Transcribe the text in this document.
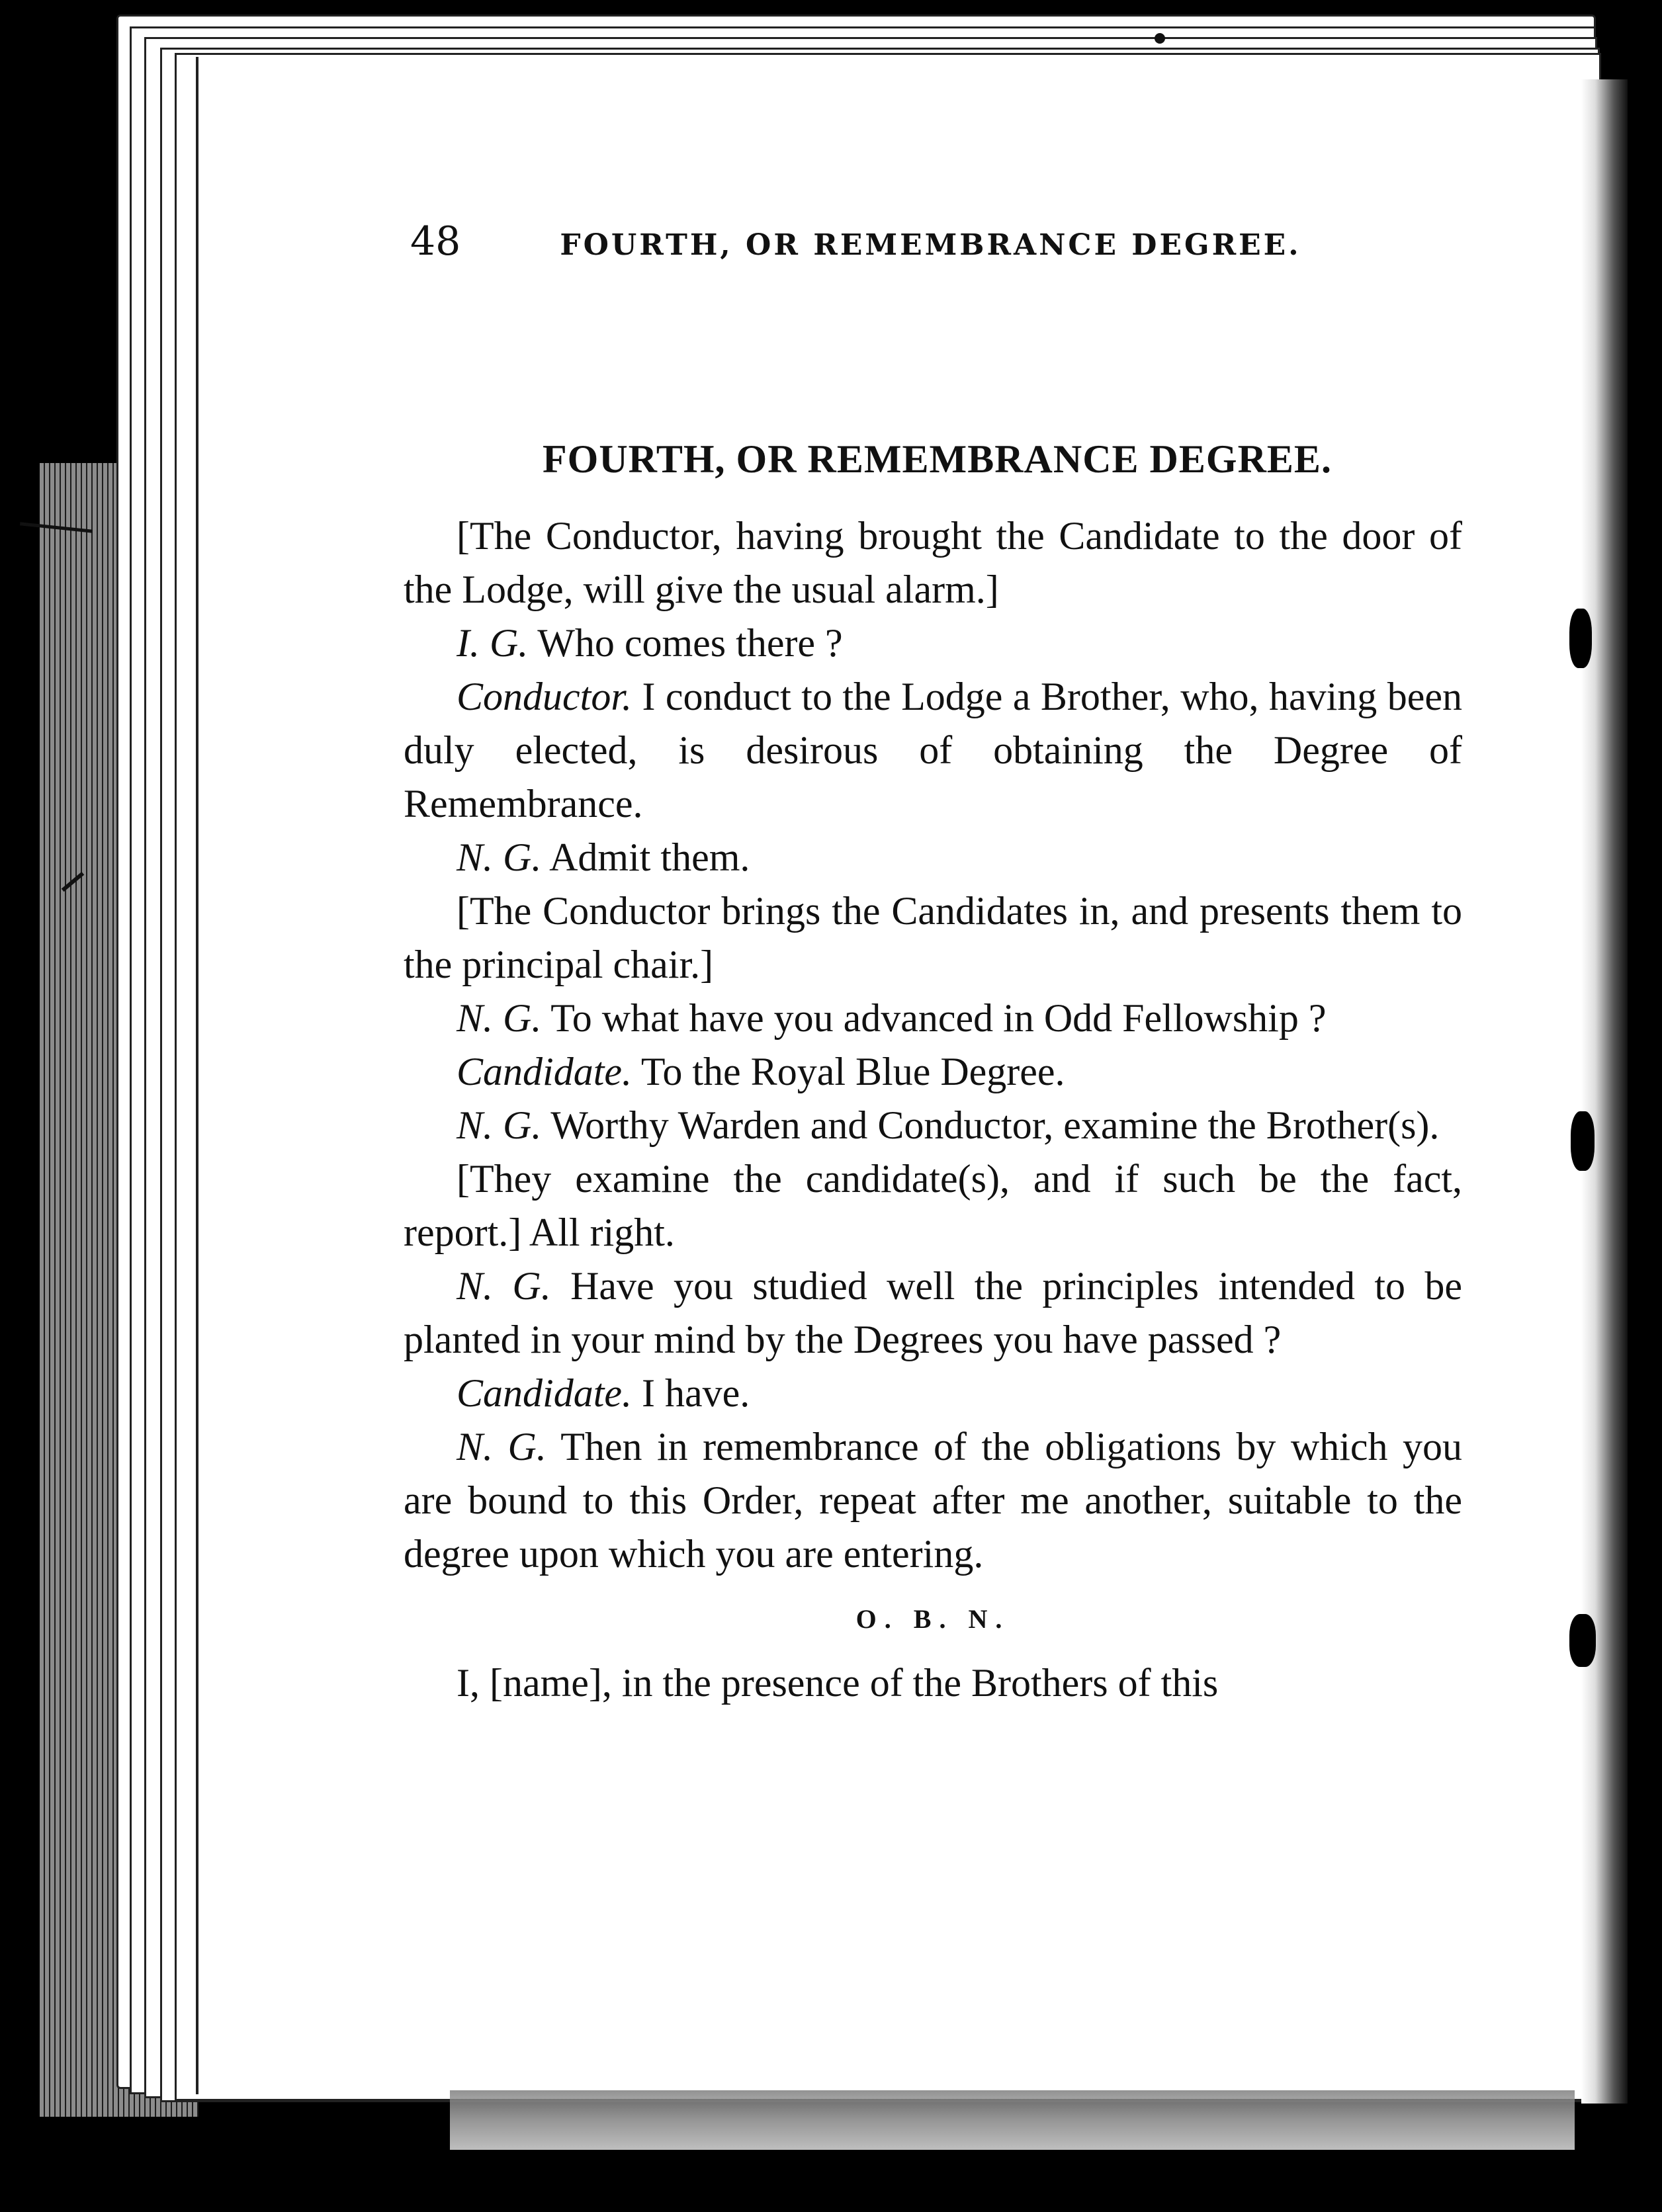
48	FOURTH, OR REMEMBRANCE DEGREE.
FOURTH, OR REMEMBRANCE DEGREE.

[The Conductor, having brought the Candidate to the door of the Lodge, will give the usual alarm.]

I. G. Who comes there ?

Conductor. I conduct to the Lodge a Brother, who, having been duly elected, is desirous of obtaining the Degree of Remembrance.

N. G. Admit them.

[The Conductor brings the Candidates in, and presents them to the principal chair.]

N. G. To what have you advanced in Odd Fellowship ?

Candidate. To the Royal Blue Degree.

N. G. Worthy Warden and Conductor, examine the Brother(s).

[They examine the candidate(s), and if such be the fact, report.] All right.

N. G. Have you studied well the principles intended to be planted in your mind by the Degrees you have passed ?

Candidate. I have.

N. G. Then in remembrance of the obligations by which you are bound to this Order, repeat after me another, suitable to the degree upon which you are entering.

O. B. N.

I, [name], in the presence of the Brothers of this
